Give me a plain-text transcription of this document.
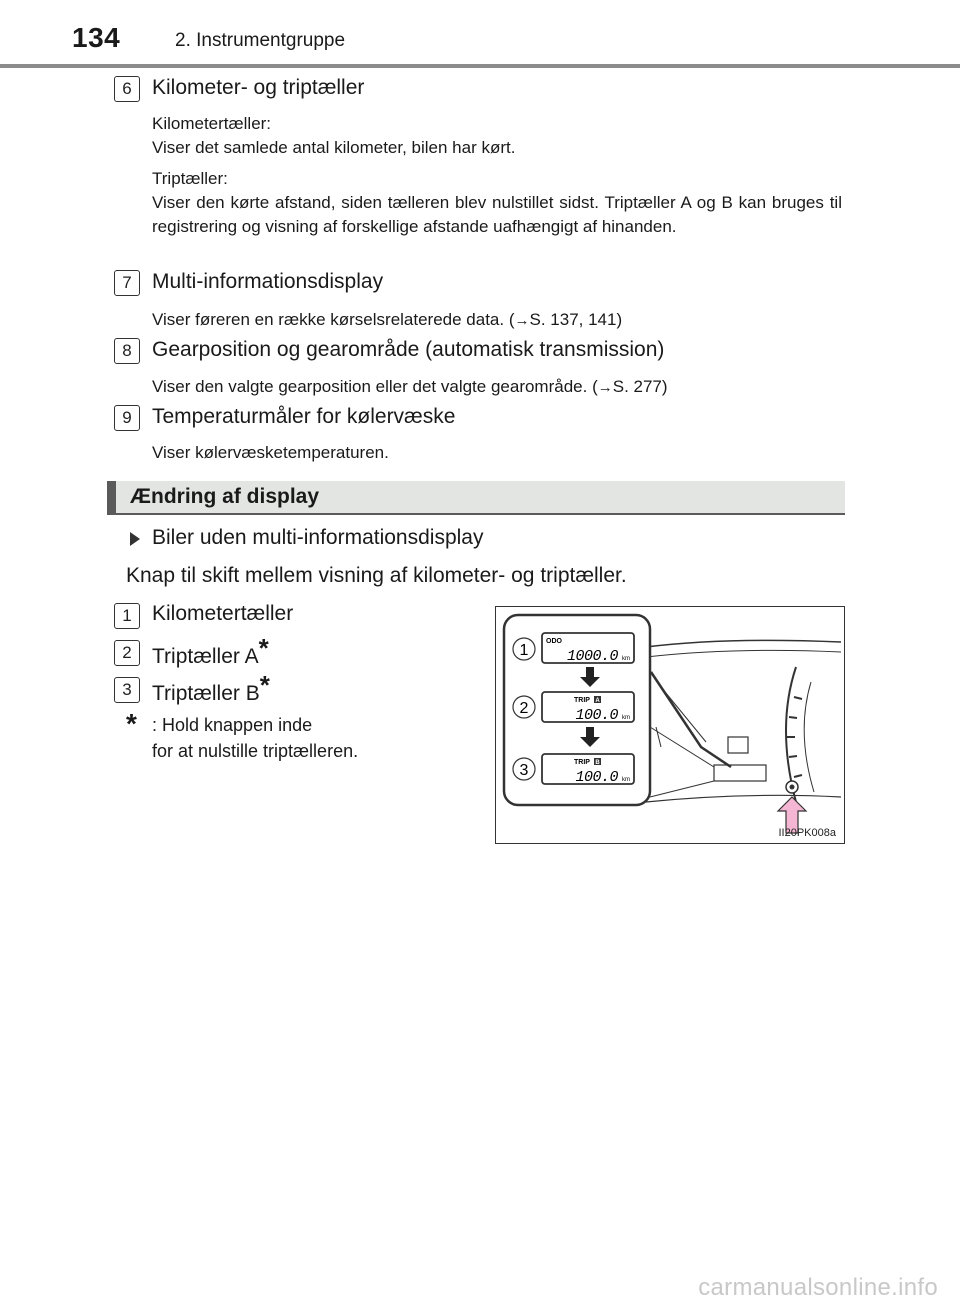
134	2. Instrumentgruppe
6 Kilometer- og triptæller
Kilometertæller:
Viser det samlede antal kilometer, bilen har kørt.
Triptæller:
Viser den kørte afstand, siden tælleren blev nulstillet sidst. Triptæller A og B kan bruges til registrering og visning af forskellige afstande uafhængigt af hinanden.
7 Multi-informationsdisplay
Viser føreren en række kørselsrelaterede data. (→S. 137, 141)
8 Gearposition og gearområde (automatisk transmission)
Viser den valgte gearposition eller det valgte gearområde. (→S. 277)
9 Temperaturmåler for kølervæske
Viser kølervæsketemperaturen.
Ændring af display
Biler uden multi-informationsdisplay
Knap til skift mellem visning af kilometer- og triptæller.
1 Kilometertæller
2 Triptæller A*
3 Triptæller B*
* : Hold knappen inde
for at nulstille triptælleren.
1
ODO
1000.0 km
2	TRIP A
100.0 km
3	TRIP B
100.0 km
II20PK008a
carmanualsonline.info
